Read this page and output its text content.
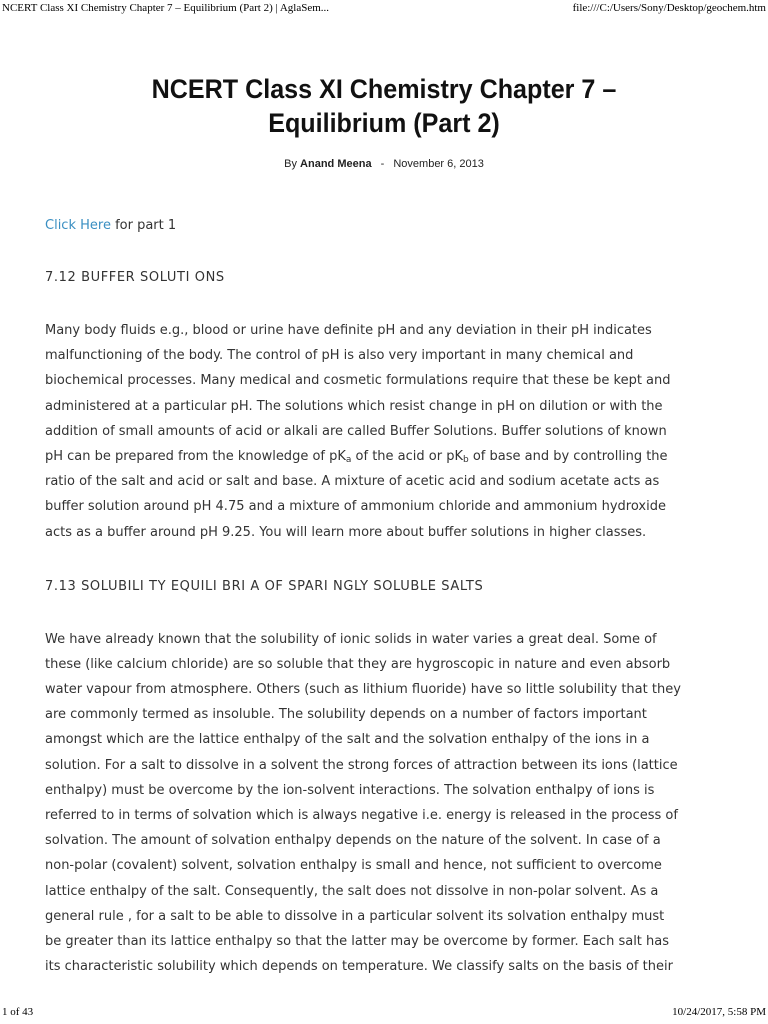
NCERT Class XI Chemistry Chapter 7 – Equilibrium (Part 2) | AglaSem...	file:///C:/Users/Sony/Desktop/geochem.htm
NCERT Class XI Chemistry Chapter 7 –
Equilibrium (Part 2)
By Anand Meena - November 6, 2013

Click Here for part 1

7.12 BUFFER SOLUTI ONS

Many body fluids e.g., blood or urine have definite pH and any deviation in their pH indicates
malfunctioning of the body. The control of pH is also very important in many chemical and
biochemical processes. Many medical and cosmetic formulations require that these be kept and
administered at a particular pH. The solutions which resist change in pH on dilution or with the
addition of small amounts of acid or alkali are called Buffer Solutions. Buffer solutions of known
pH can be prepared from the knowledge of $pK_a$ of the acid or $pK_b$ of base and by controlling the
ratio of the salt and acid or salt and base. A mixture of acetic acid and sodium acetate acts as
buffer solution around pH 4.75 and a mixture of ammonium chloride and ammonium hydroxide
acts as a buffer around pH 9.25. You will learn more about buffer solutions in higher classes.

7.13 SOLUBILI TY EQUILI BRI A OF SPARI NGLY SOLUBLE SALTS

We have already known that the solubility of ionic solids in water varies a great deal. Some of
these (like calcium chloride) are so soluble that they are hygroscopic in nature and even absorb
water vapour from atmosphere. Others (such as lithium fluoride) have so little solubility that they
are commonly termed as insoluble. The solubility depends on a number of factors important
amongst which are the lattice enthalpy of the salt and the solvation enthalpy of the ions in a
solution. For a salt to dissolve in a solvent the strong forces of attraction between its ions (lattice
enthalpy) must be overcome by the ion-solvent interactions. The solvation enthalpy of ions is
referred to in terms of solvation which is always negative i.e. energy is released in the process of
solvation. The amount of solvation enthalpy depends on the nature of the solvent. In case of a
non-polar (covalent) solvent, solvation enthalpy is small and hence, not sufficient to overcome
lattice enthalpy of the salt. Consequently, the salt does not dissolve in non-polar solvent. As a
general rule , for a salt to be able to dissolve in a particular solvent its solvation enthalpy must
be greater than its lattice enthalpy so that the latter may be overcome by former. Each salt has
its characteristic solubility which depends on temperature. We classify salts on the basis of their
1 of 43	10/24/2017, 5:58 PM
